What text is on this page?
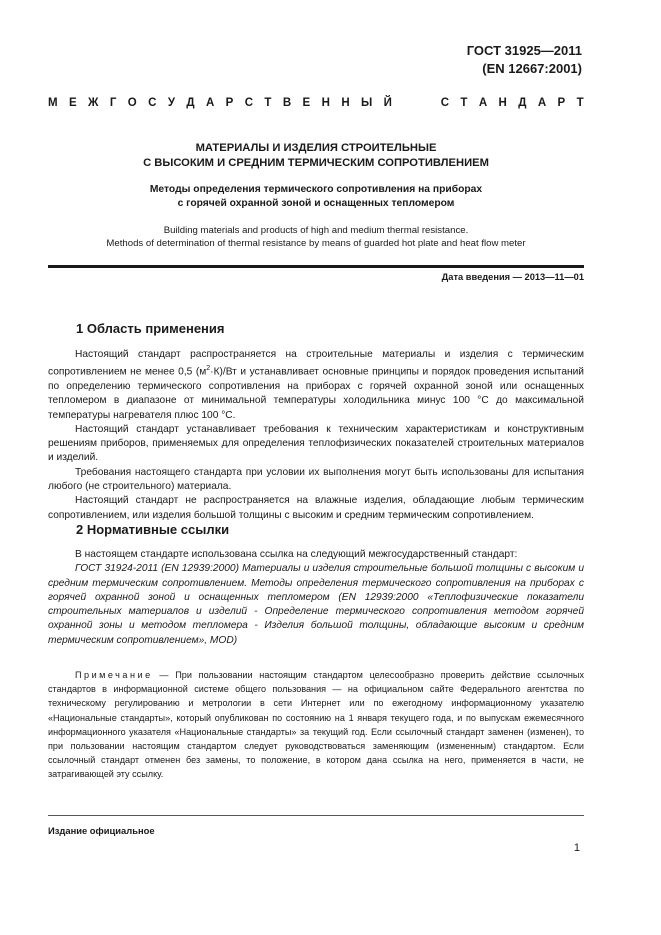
ГОСТ 31925—2011
(EN 12667:2001)
М Е Ж Г О С У Д А Р С Т В Е Н Н Ы Й	С Т А Н Д А Р Т
МАТЕРИАЛЫ И ИЗДЕЛИЯ СТРОИТЕЛЬНЫЕ
С ВЫСОКИМ И СРЕДНИМ ТЕРМИЧЕСКИМ СОПРОТИВЛЕНИЕМ
Методы определения термического сопротивления на приборах
с горячей охранной зоной и оснащенных тепломером
Building materials and products of high and medium thermal resistance.
Methods of determination of thermal resistance by means of guarded hot plate and heat flow meter
Дата введения — 2013—11—01
1 Область применения

Настоящий стандарт распространяется на строительные материалы и изделия с термическим сопротивлением не менее 0,5 $(м^2\cdot К)/Вт$ и устанавливает основные принципы и порядок проведения испытаний по определению термического сопротивления на приборах с горячей охранной зоной или оснащенных тепломером в диапазоне от минимальной температуры холодильника минус 100 °С до максимальной температуры нагревателя плюс 100 °С.

Настоящий стандарт устанавливает требования к техническим характеристикам и конструктивным решениям приборов, применяемых для определения теплофизических показателей строительных материалов и изделий.

Требования настоящего стандарта при условии их выполнения могут быть использованы для испытания любого (не строительного) материала.

Настоящий стандарт не распространяется на влажные изделия, обладающие любым термическим сопротивлением, или изделия большой толщины с высоким и средним термическим сопротивлением.

2 Нормативные ссылки

В настоящем стандарте использована ссылка на следующий межгосударственный стандарт:

ГОСТ 31924-2011 (EN 12939:2000) Материалы и изделия строительные большой толщины с высоким и средним термическим сопротивлением. Методы определения термического сопротивления на приборах с горячей охранной зоной и оснащенных тепломером (EN 12939:2000 «Теплофизические показатели строительных материалов и изделий - Определение термического сопротивления методом горячей охранной зоны и методом тепломера - Изделия большой толщины, обладающие высоким и средним термическим сопротивлением», MOD)

Примечание — При пользовании настоящим стандартом целесообразно проверить действие ссылочных стандартов в информационной системе общего пользования — на официальном сайте Федерального агентства по техническому регулированию и метрологии в сети Интернет или по ежегодному информационному указателю «Национальные стандарты», который опубликован по состоянию на 1 января текущего года, и по выпускам ежемесячного информационного указателя «Национальные стандарты» за текущий год. Если ссылочный стандарт заменен (изменен), то при пользовании настоящим стандартом следует руководствоваться заменяющим (измененным) стандартом. Если ссылочный стандарт отменен без замены, то положение, в котором дана ссылка на него, применяется в части, не затрагивающей эту ссылку.

Издание официальное
1
